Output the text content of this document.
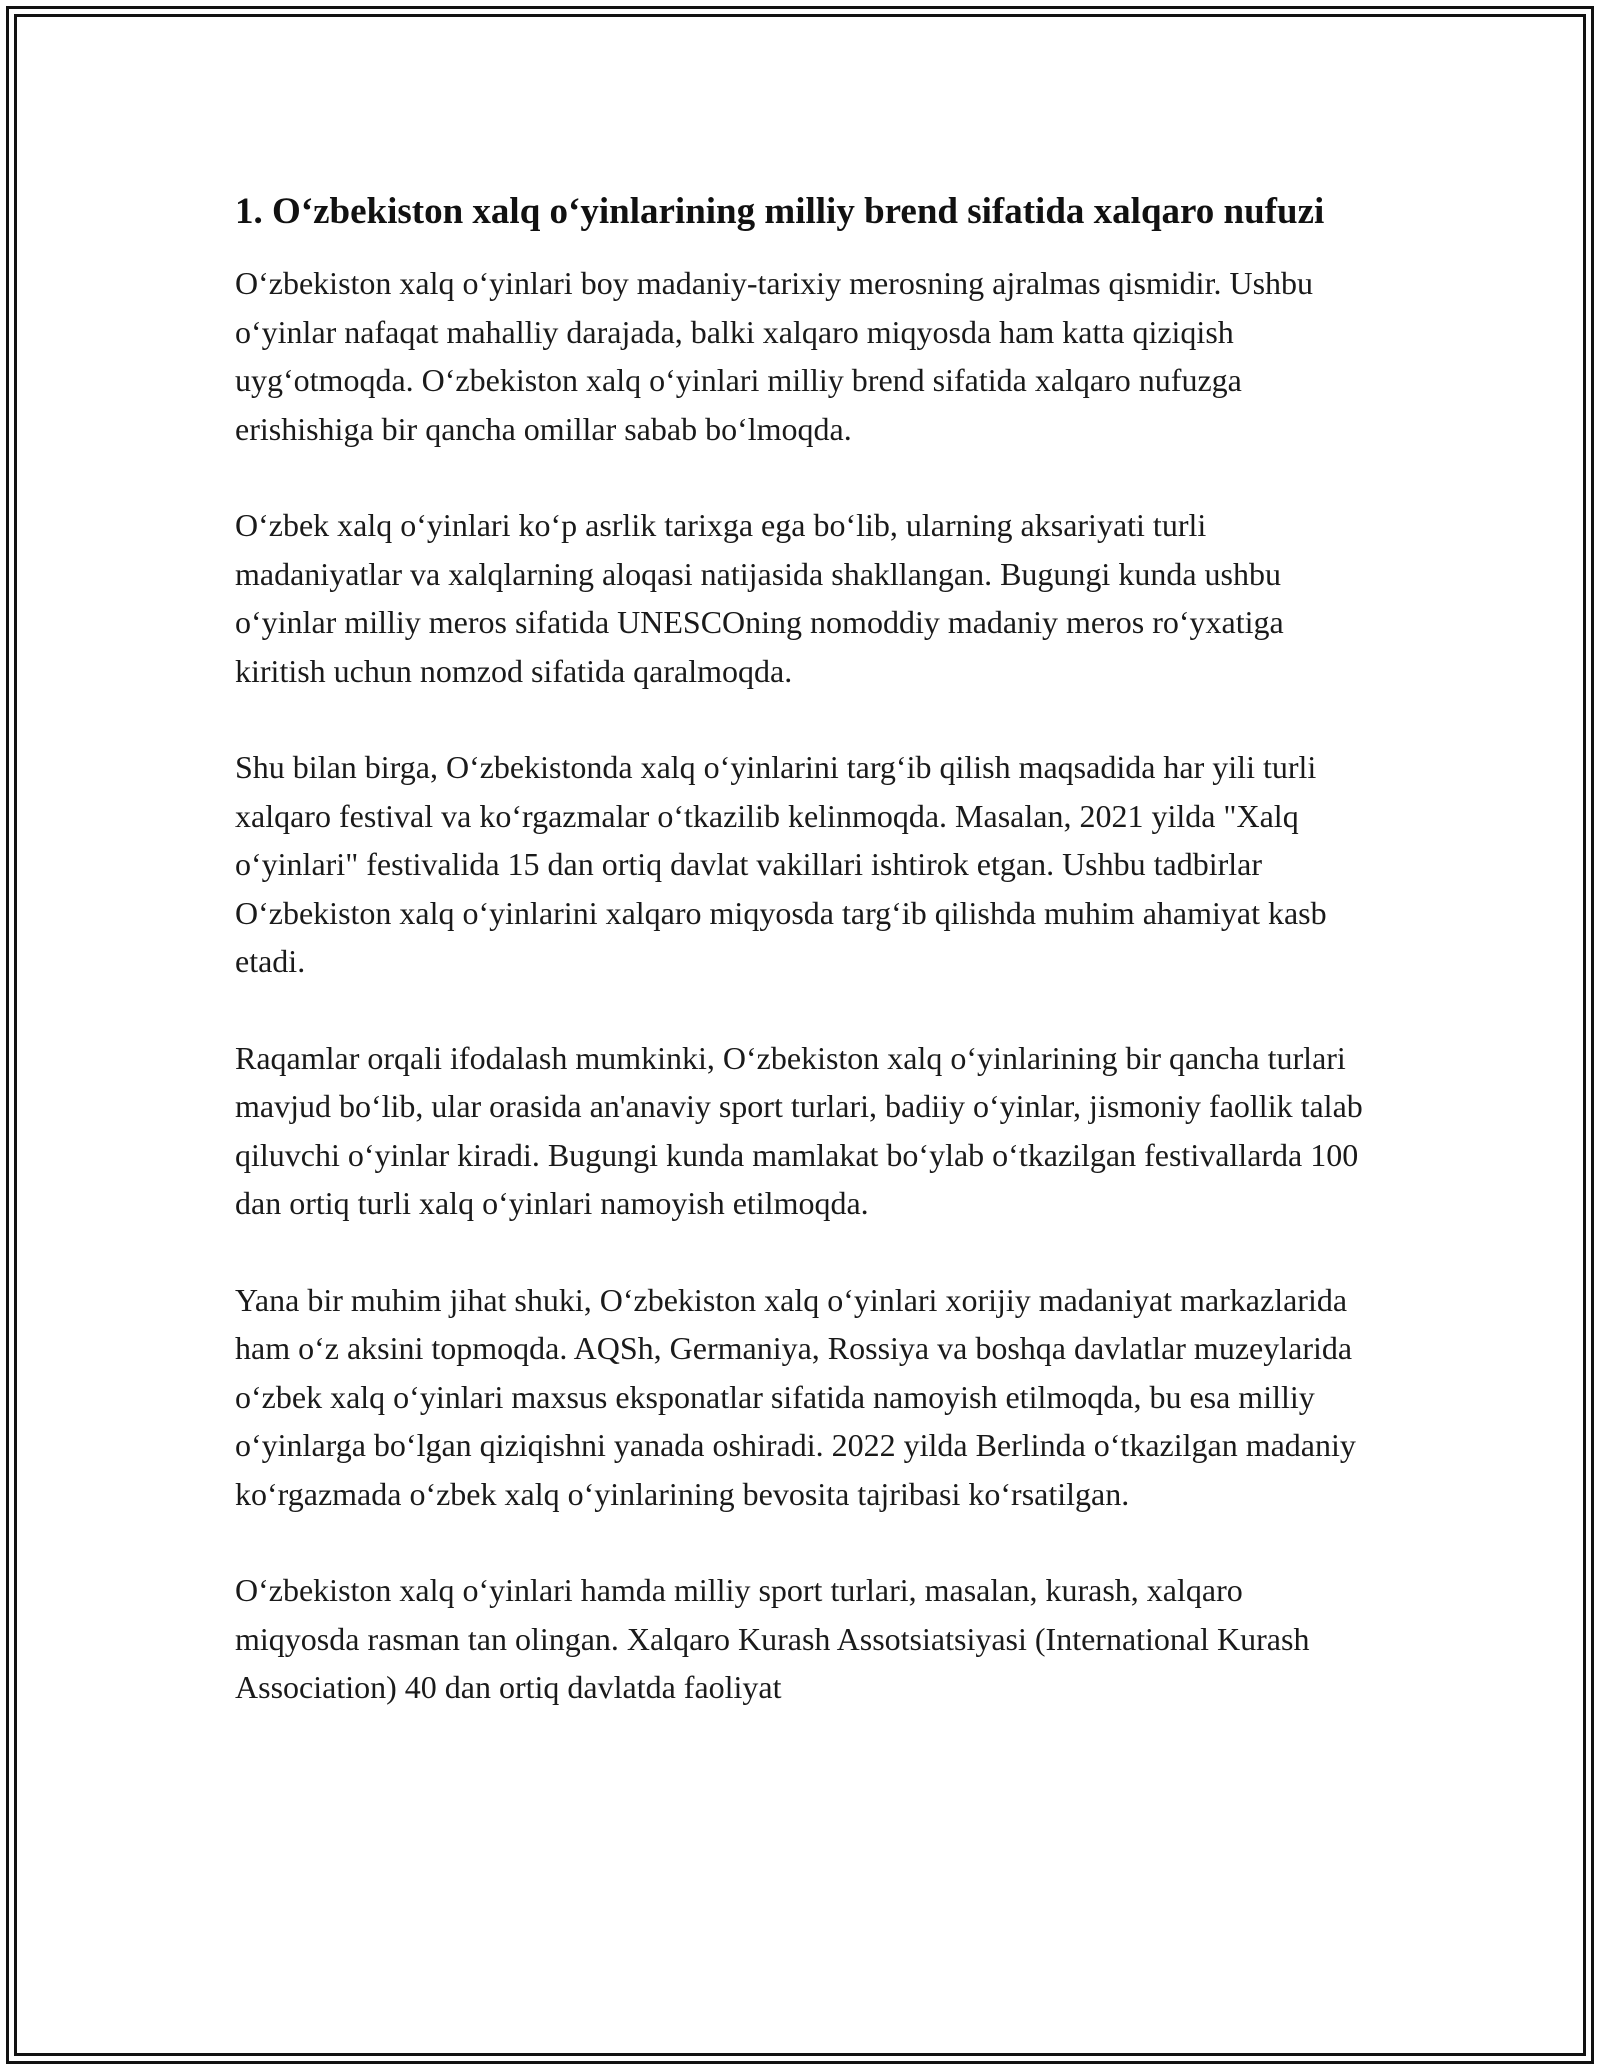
1. O‘zbekiston xalq o‘yinlarining milliy brend sifatida xalqaro nufuzi

O‘zbekiston xalq o‘yinlari boy madaniy-tarixiy merosning ajralmas qismidir. Ushbu o‘yinlar nafaqat mahalliy darajada, balki xalqaro miqyosda ham katta qiziqish uyg‘otmoqda. O‘zbekiston xalq o‘yinlari milliy brend sifatida xalqaro nufuzga erishishiga bir qancha omillar sabab bo‘lmoqda.

O‘zbek xalq o‘yinlari ko‘p asrlik tarixga ega bo‘lib, ularning aksariyati turli madaniyatlar va xalqlarning aloqasi natijasida shakllangan. Bugungi kunda ushbu o‘yinlar milliy meros sifatida UNESCOning nomoddiy madaniy meros ro‘yxatiga kiritish uchun nomzod sifatida qaralmoqda.

Shu bilan birga, O‘zbekistonda xalq o‘yinlarini targ‘ib qilish maqsadida har yili turli xalqaro festival va ko‘rgazmalar o‘tkazilib kelinmoqda. Masalan, 2021 yilda "Xalq o‘yinlari" festivalida 15 dan ortiq davlat vakillari ishtirok etgan. Ushbu tadbirlar O‘zbekiston xalq o‘yinlarini xalqaro miqyosda targ‘ib qilishda muhim ahamiyat kasb etadi.

Raqamlar orqali ifodalash mumkinki, O‘zbekiston xalq o‘yinlarining bir qancha turlari mavjud bo‘lib, ular orasida an'anaviy sport turlari, badiiy o‘yinlar, jismoniy faollik talab qiluvchi o‘yinlar kiradi. Bugungi kunda mamlakat bo‘ylab o‘tkazilgan festivallarda 100 dan ortiq turli xalq o‘yinlari namoyish etilmoqda.

Yana bir muhim jihat shuki, O‘zbekiston xalq o‘yinlari xorijiy madaniyat markazlarida ham o‘z aksini topmoqda. AQSh, Germaniya, Rossiya va boshqa davlatlar muzeylarida o‘zbek xalq o‘yinlari maxsus eksponatlar sifatida namoyish etilmoqda, bu esa milliy o‘yinlarga bo‘lgan qiziqishni yanada oshiradi. 2022 yilda Berlinda o‘tkazilgan madaniy ko‘rgazmada o‘zbek xalq o‘yinlarining bevosita tajribasi ko‘rsatilgan.

O‘zbekiston xalq o‘yinlari hamda milliy sport turlari, masalan, kurash, xalqaro miqyosda rasman tan olingan. Xalqaro Kurash Assotsiatsiyasi (International Kurash Association) 40 dan ortiq davlatda faoliyat
